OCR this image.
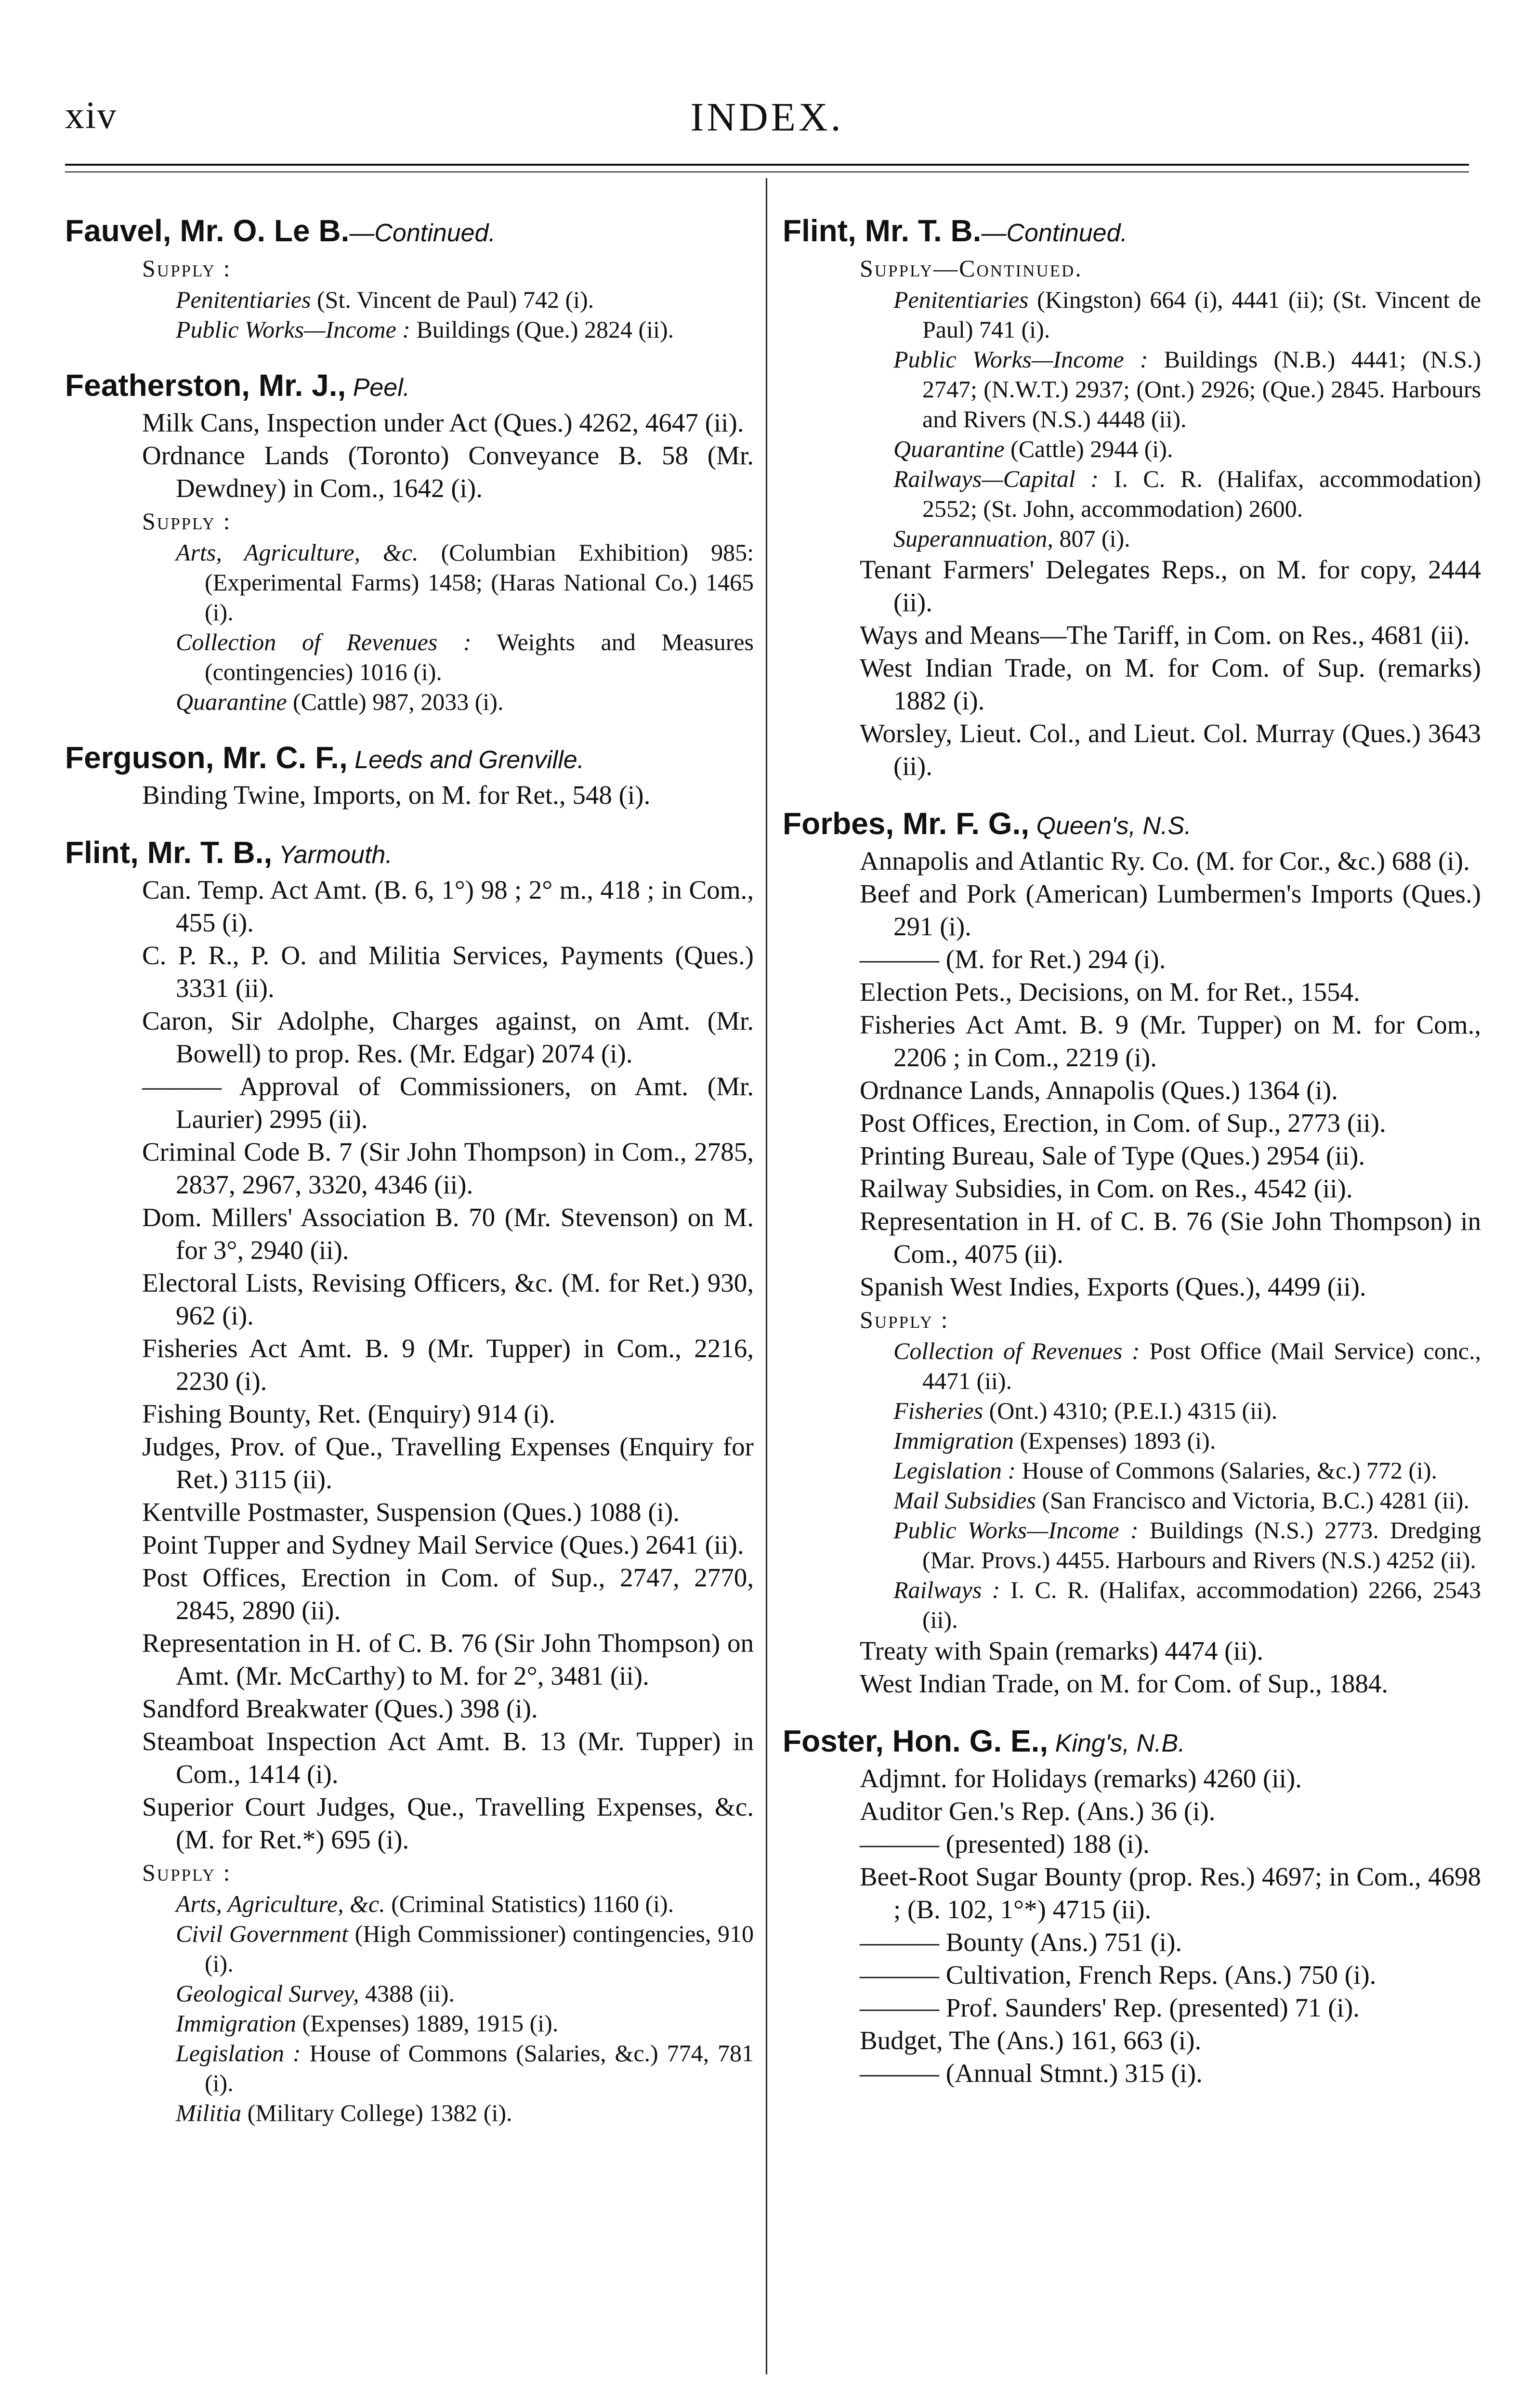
INDEX.
xiv
Fauvel, Mr. O. Le B.—Continued.
Supply :
Penitentiaries (St. Vincent de Paul) 742 (i).
Public Works—Income : Buildings (Que.) 2824 (ii).
Featherston, Mr. J., Peel.
Milk Cans, Inspection under Act (Ques.) 4262, 4647 (ii).
Ordnance Lands (Toronto) Conveyance B. 58 (Mr. Dewdney) in Com., 1642 (i).
Supply :
Arts, Agriculture, &c. (Columbian Exhibition) 985: (Experimental Farms) 1458; (Haras National Co.) 1465 (i).
Collection of Revenues : Weights and Measures (contingencies) 1016 (i).
Quarantine (Cattle) 987, 2033 (i).
Ferguson, Mr. C. F., Leeds and Grenville.
Binding Twine, Imports, on M. for Ret., 548 (i).
Flint, Mr. T. B., Yarmouth.
Can. Temp. Act Amt. (B. 6, 1°) 98 ; 2° m., 418 ; in Com., 455 (i).
C. P. R., P. O. and Militia Services, Payments (Ques.) 3331 (ii).
Caron, Sir Adolphe, Charges against, on Amt. (Mr. Bowell) to prop. Res. (Mr. Edgar) 2074 (i).
——— Approval of Commissioners, on Amt. (Mr. Laurier) 2995 (ii).
Criminal Code B. 7 (Sir John Thompson) in Com., 2785, 2837, 2967, 3320, 4346 (ii).
Dom. Millers' Association B. 70 (Mr. Stevenson) on M. for 3°, 2940 (ii).
Electoral Lists, Revising Officers, &c. (M. for Ret.) 930, 962 (i).
Fisheries Act Amt. B. 9 (Mr. Tupper) in Com., 2216, 2230 (i).
Fishing Bounty, Ret. (Enquiry) 914 (i).
Judges, Prov. of Que., Travelling Expenses (Enquiry for Ret.) 3115 (ii).
Kentville Postmaster, Suspension (Ques.) 1088 (i).
Point Tupper and Sydney Mail Service (Ques.) 2641 (ii).
Post Offices, Erection in Com. of Sup., 2747, 2770, 2845, 2890 (ii).
Representation in H. of C. B. 76 (Sir John Thompson) on Amt. (Mr. McCarthy) to M. for 2°, 3481 (ii).
Sandford Breakwater (Ques.) 398 (i).
Steamboat Inspection Act Amt. B. 13 (Mr. Tupper) in Com., 1414 (i).
Superior Court Judges, Que., Travelling Expenses, &c. (M. for Ret.*) 695 (i).
Supply :
Arts, Agriculture, &c. (Criminal Statistics) 1160 (i).
Civil Government (High Commissioner) contingencies, 910 (i).
Geological Survey, 4388 (ii).
Immigration (Expenses) 1889, 1915 (i).
Legislation : House of Commons (Salaries, &c.) 774, 781 (i).
Militia (Military College) 1382 (i).
Flint, Mr. T. B.—Continued.
Supply—Continued.
Penitentiaries (Kingston) 664 (i), 4441 (ii); (St. Vincent de Paul) 741 (i).
Public Works—Income : Buildings (N.B.) 4441; (N.S.) 2747; (N.W.T.) 2937; (Ont.) 2926; (Que.) 2845. Harbours and Rivers (N.S.) 4448 (ii).
Quarantine (Cattle) 2944 (i).
Railways—Capital : I. C. R. (Halifax, accommodation) 2552; (St. John, accommodation) 2600.
Superannuation, 807 (i).
Tenant Farmers' Delegates Reps., on M. for copy, 2444 (ii).
Ways and Means—The Tariff, in Com. on Res., 4681 (ii).
West Indian Trade, on M. for Com. of Sup. (remarks) 1882 (i).
Worsley, Lieut. Col., and Lieut. Col. Murray (Ques.) 3643 (ii).
Forbes, Mr. F. G., Queen's, N.S.
Annapolis and Atlantic Ry. Co. (M. for Cor., &c.) 688 (i).
Beef and Pork (American) Lumbermen's Imports (Ques.) 291 (i).
——— (M. for Ret.) 294 (i).
Election Pets., Decisions, on M. for Ret., 1554.
Fisheries Act Amt. B. 9 (Mr. Tupper) on M. for Com., 2206 ; in Com., 2219 (i).
Ordnance Lands, Annapolis (Ques.) 1364 (i).
Post Offices, Erection, in Com. of Sup., 2773 (ii).
Printing Bureau, Sale of Type (Ques.) 2954 (ii).
Railway Subsidies, in Com. on Res., 4542 (ii).
Representation in H. of C. B. 76 (Sie John Thompson) in Com., 4075 (ii).
Spanish West Indies, Exports (Ques.), 4499 (ii).
Supply :
Collection of Revenues : Post Office (Mail Service) conc., 4471 (ii).
Fisheries (Ont.) 4310; (P.E.I.) 4315 (ii).
Immigration (Expenses) 1893 (i).
Legislation : House of Commons (Salaries, &c.) 772 (i).
Mail Subsidies (San Francisco and Victoria, B.C.) 4281 (ii).
Public Works—Income : Buildings (N.S.) 2773. Dredging (Mar. Provs.) 4455. Harbours and Rivers (N.S.) 4252 (ii).
Railways : I. C. R. (Halifax, accommodation) 2266, 2543 (ii).
Treaty with Spain (remarks) 4474 (ii).
West Indian Trade, on M. for Com. of Sup., 1884.
Foster, Hon. G. E., King's, N.B.
Adjmnt. for Holidays (remarks) 4260 (ii).
Auditor Gen.'s Rep. (Ans.) 36 (i).
——— (presented) 188 (i).
Beet-Root Sugar Bounty (prop. Res.) 4697; in Com., 4698 ; (B. 102, 1°*) 4715 (ii).
——— Bounty (Ans.) 751 (i).
——— Cultivation, French Reps. (Ans.) 750 (i).
——— Prof. Saunders' Rep. (presented) 71 (i).
Budget, The (Ans.) 161, 663 (i).
——— (Annual Stmnt.) 315 (i).
